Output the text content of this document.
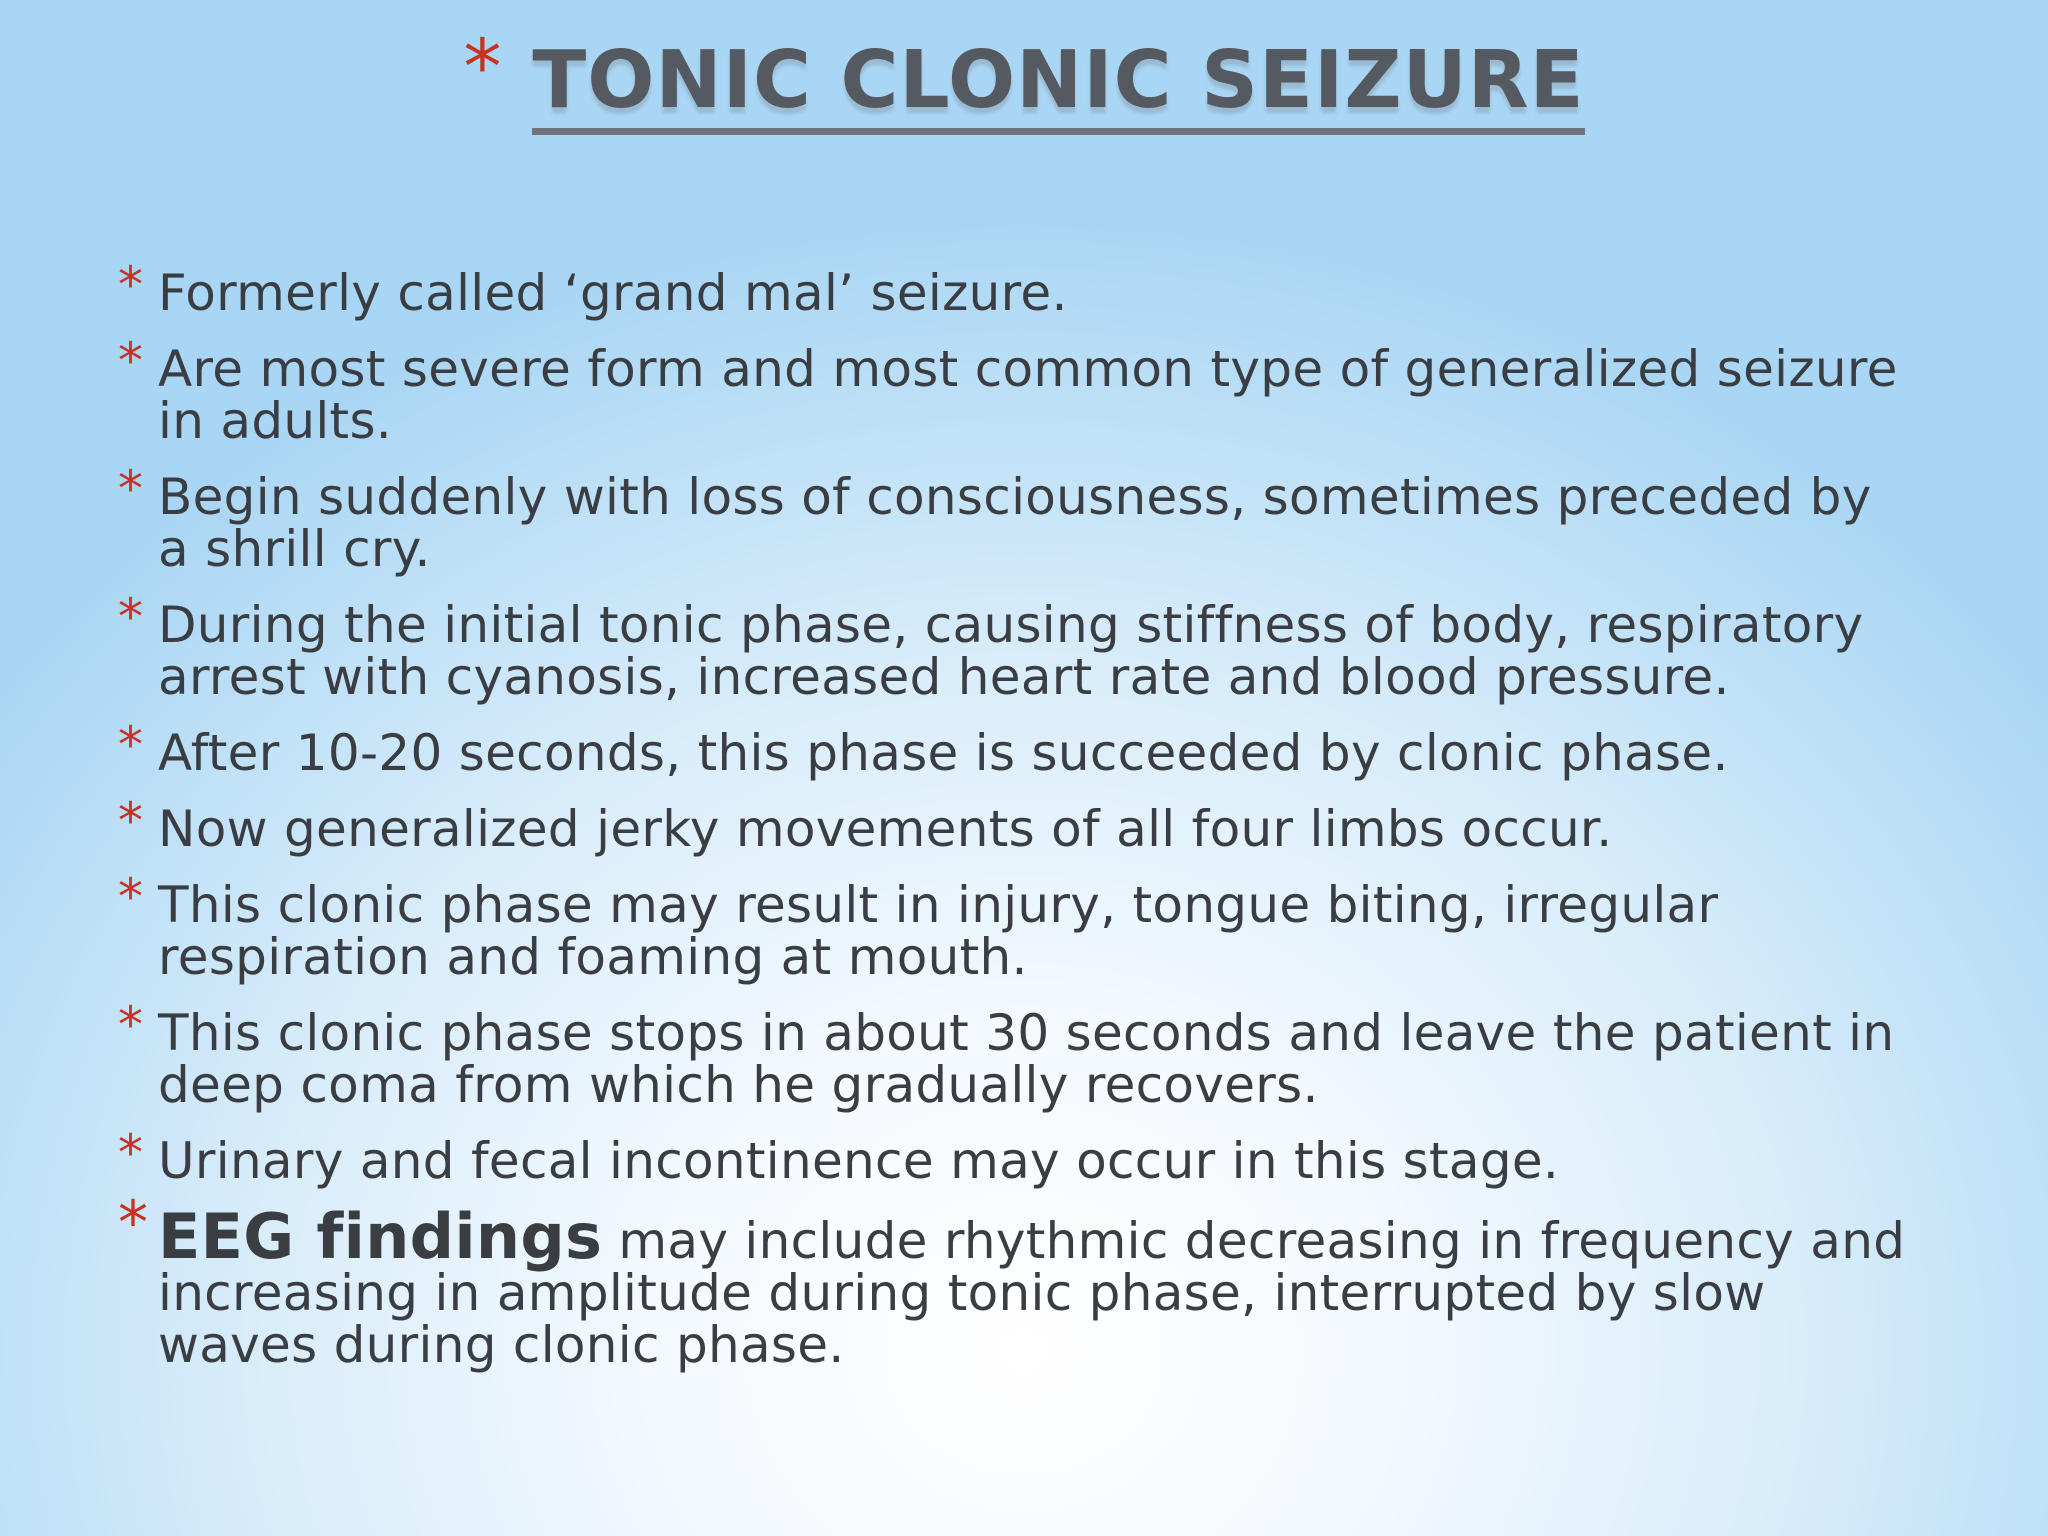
* TONIC CLONIC SEIZURE
* Formerly called ‘grand mal’ seizure.
* Are most severe form and most common type of generalized seizure in adults.
* Begin suddenly with loss of consciousness, sometimes preceded by a shrill cry.
* During the initial tonic phase, causing stiffness of body, respiratory arrest with cyanosis, increased heart rate and blood pressure.
* After 10-20 seconds, this phase is succeeded by clonic phase.
* Now generalized jerky movements of all four limbs occur.
* This clonic phase may result in injury, tongue biting, irregular respiration and foaming at mouth.
* This clonic phase stops in about 30 seconds and leave the patient in deep coma from which he gradually recovers.
* Urinary and fecal incontinence may occur in this stage.
* EEG findings may include rhythmic decreasing in frequency and increasing in amplitude during tonic phase, interrupted by slow waves during clonic phase.
